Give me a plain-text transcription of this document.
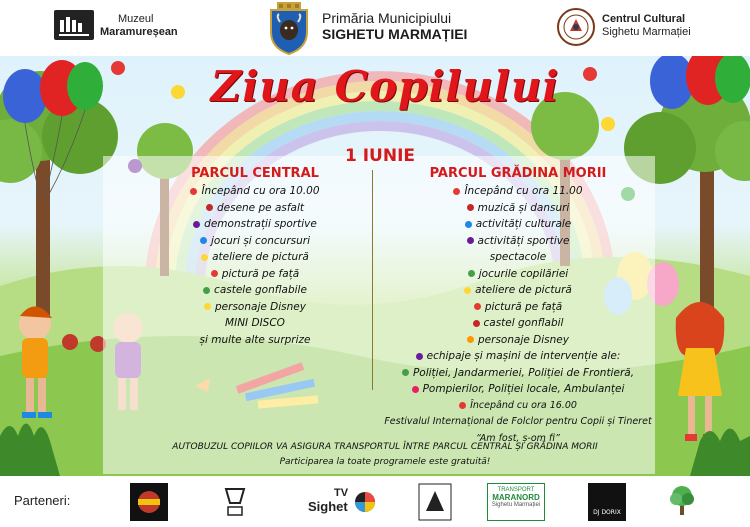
Muzeul
Maramureșean
Primăria Municipiului
SIGHETU MARMAȚIEI
Centrul Cultural
Sighetu Marmației
Ziua Copilului
1 IUNIE
PARCUL CENTRAL
Începând cu ora 10.00
desene pe asfalt
demonstrații sportive
jocuri și concursuri
ateliere de pictură
pictură pe față
castele gonflabile
personaje Disney
MINI DISCO
și multe alte surprize
PARCUL GRĂDINA MORII
Începând cu ora 11.00
muzică și dansuri
activități culturale
activități sportive
spectacole
jocurile copilăriei
ateliere de pictură
pictură pe față
castel gonflabil
personaje Disney
echipaje și mașini de intervenție ale:
Poliției, Jandarmeriei, Poliției de Frontieră,
Pompierilor, Poliției locale, Ambulanței
Începând cu ora 16.00
Festivalul Internațional de Folclor pentru Copii și Tineret
“Am fost, ș-om fi”
AUTOBUZUL COPIILOR VA ASIGURA TRANSPORTUL ÎNTRE PARCUL CENTRAL ȘI GRĂDINA MORII
Participarea la toate programele este gratuită!
Parteneri:	TV
Sighet
TRANSPORT
MARANORD
Sighetu Marmației
DJ DORIX
